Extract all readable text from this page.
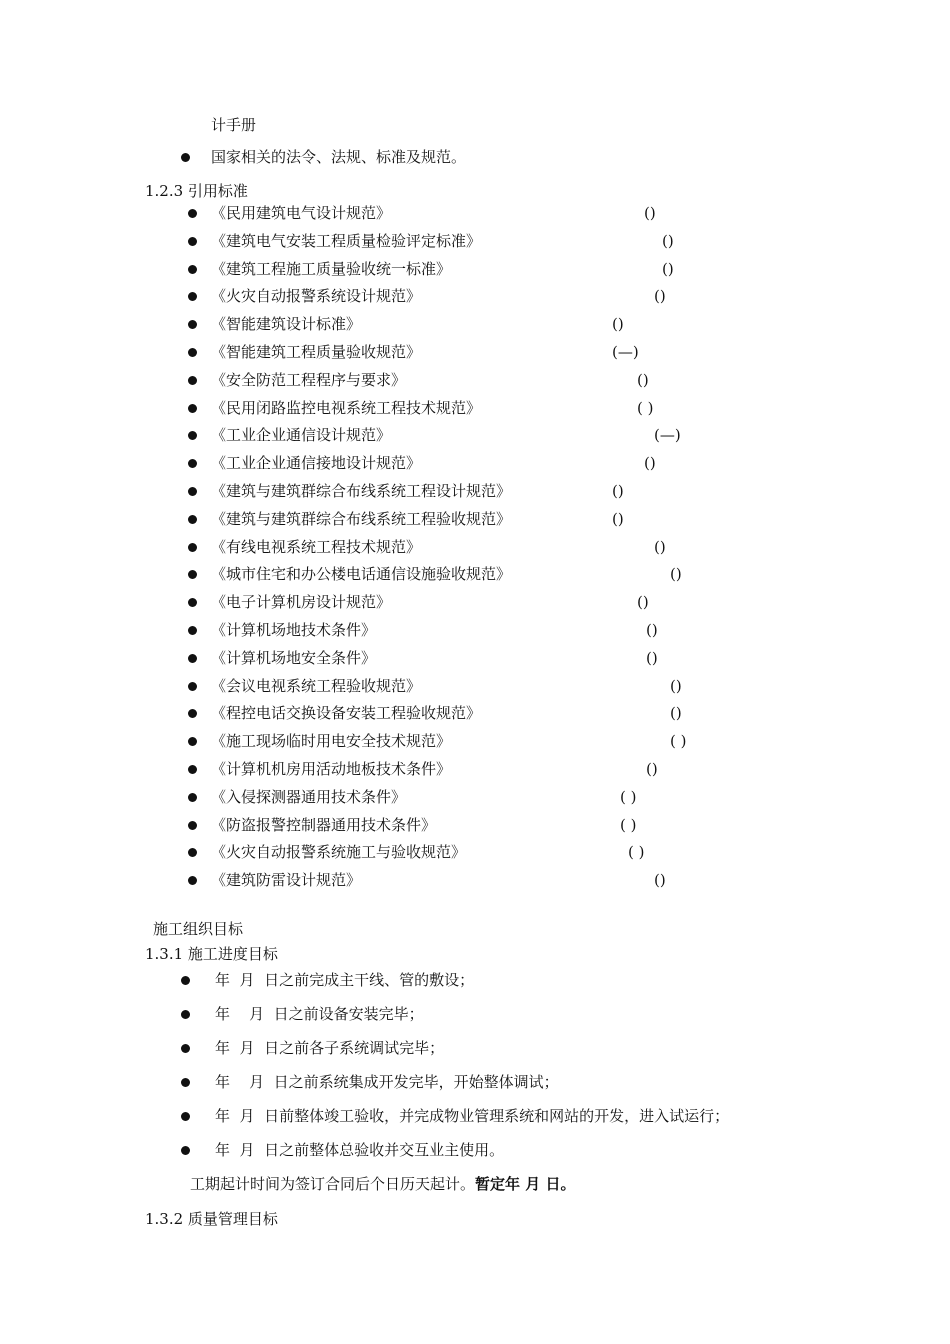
计手册
国家相关的法令、法规、标准及规范。
1.2.3 引用标准
《民用建筑电气设计规范》	()
《建筑电气安装工程质量检验评定标准》	()
《建筑工程施工质量验收统一标准》	()
《火灾自动报警系统设计规范》	()
《智能建筑设计标准》	()
《智能建筑工程质量验收规范》	(—)
《安全防范工程程序与要求》	()
《民用闭路监控电视系统工程技术规范》	( )
《工业企业通信设计规范》	(—)
《工业企业通信接地设计规范》	()
《建筑与建筑群综合布线系统工程设计规范》	()
《建筑与建筑群综合布线系统工程验收规范》	()
《有线电视系统工程技术规范》	()
《城市住宅和办公楼电话通信设施验收规范》	()
《电子计算机房设计规范》	()
《计算机场地技术条件》	()
《计算机场地安全条件》	()
《会议电视系统工程验收规范》	()
《程控电话交换设备安装工程验收规范》	()
《施工现场临时用电安全技术规范》	( )
《计算机机房用活动地板技术条件》	()
《入侵探测器通用技术条件》	( )
《防盗报警控制器通用技术条件》	( )
《火灾自动报警系统施工与验收规范》	( )
《建筑防雷设计规范》	()
施工组织目标
1.3.1 施工进度目标
年  月  日之前完成主干线、管的敷设；
年    月  日之前设备安装完毕；
年  月  日之前各子系统调试完毕；
年    月  日之前系统集成开发完毕，开始整体调试；
年  月  日前整体竣工验收，并完成物业管理系统和网站的开发，进入试运行；
年  月  日之前整体总验收并交互业主使用。
工期起计时间为签订合同后个日历天起计。暂定年 月 日。
1.3.2 质量管理目标
